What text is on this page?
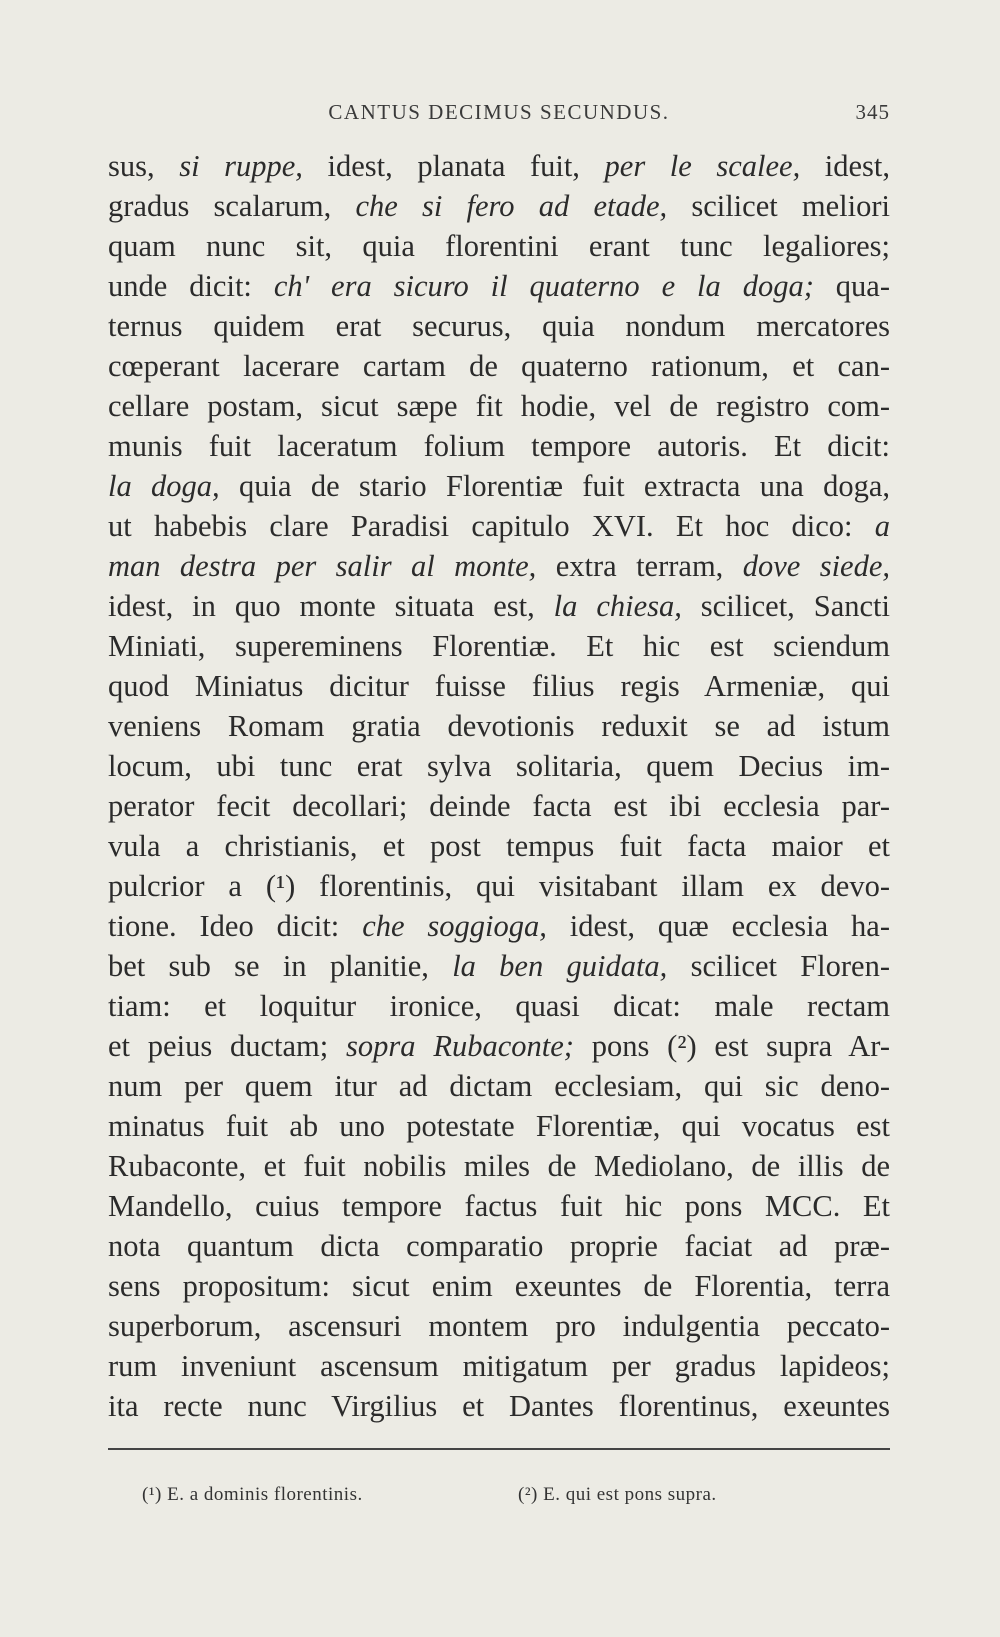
CANTUS DECIMUS SECUNDUS.	345
sus, si ruppe, idest, planata fuit, per le scalee, idest,
gradus scalarum, che si fero ad etade, scilicet meliori
quam nunc sit, quia florentini erant tunc legaliores;
unde dicit: ch' era sicuro il quaterno e la doga; qua-
ternus quidem erat securus, quia nondum mercatores
cœperant lacerare cartam de quaterno rationum, et can-
cellare postam, sicut sæpe fit hodie, vel de registro com-
munis fuit laceratum folium tempore autoris. Et dicit:
la doga, quia de stario Florentiæ fuit extracta una doga,
ut habebis clare Paradisi capitulo XVI. Et hoc dico: a
man destra per salir al monte, extra terram, dove siede,
idest, in quo monte situata est, la chiesa, scilicet, Sancti
Miniati, supereminens Florentiæ. Et hic est sciendum
quod Miniatus dicitur fuisse filius regis Armeniæ, qui
veniens Romam gratia devotionis reduxit se ad istum
locum, ubi tunc erat sylva solitaria, quem Decius im-
perator fecit decollari; deinde facta est ibi ecclesia par-
vula a christianis, et post tempus fuit facta maior et
pulcrior a (¹) florentinis, qui visitabant illam ex devo-
tione. Ideo dicit: che soggioga, idest, quæ ecclesia ha-
bet sub se in planitie, la ben guidata, scilicet Floren-
tiam: et loquitur ironice, quasi dicat: male rectam
et peius ductam; sopra Rubaconte; pons (²) est supra Ar-
num per quem itur ad dictam ecclesiam, qui sic deno-
minatus fuit ab uno potestate Florentiæ, qui vocatus est
Rubaconte, et fuit nobilis miles de Mediolano, de illis de
Mandello, cuius tempore factus fuit hic pons MCC. Et
nota quantum dicta comparatio proprie faciat ad præ-
sens propositum: sicut enim exeuntes de Florentia, terra
superborum, ascensuri montem pro indulgentia peccato-
rum inveniunt ascensum mitigatum per gradus lapideos;
ita recte nunc Virgilius et Dantes florentinus, exeuntes
(¹) E. a dominis florentinis.	(²) E. qui est pons supra.
